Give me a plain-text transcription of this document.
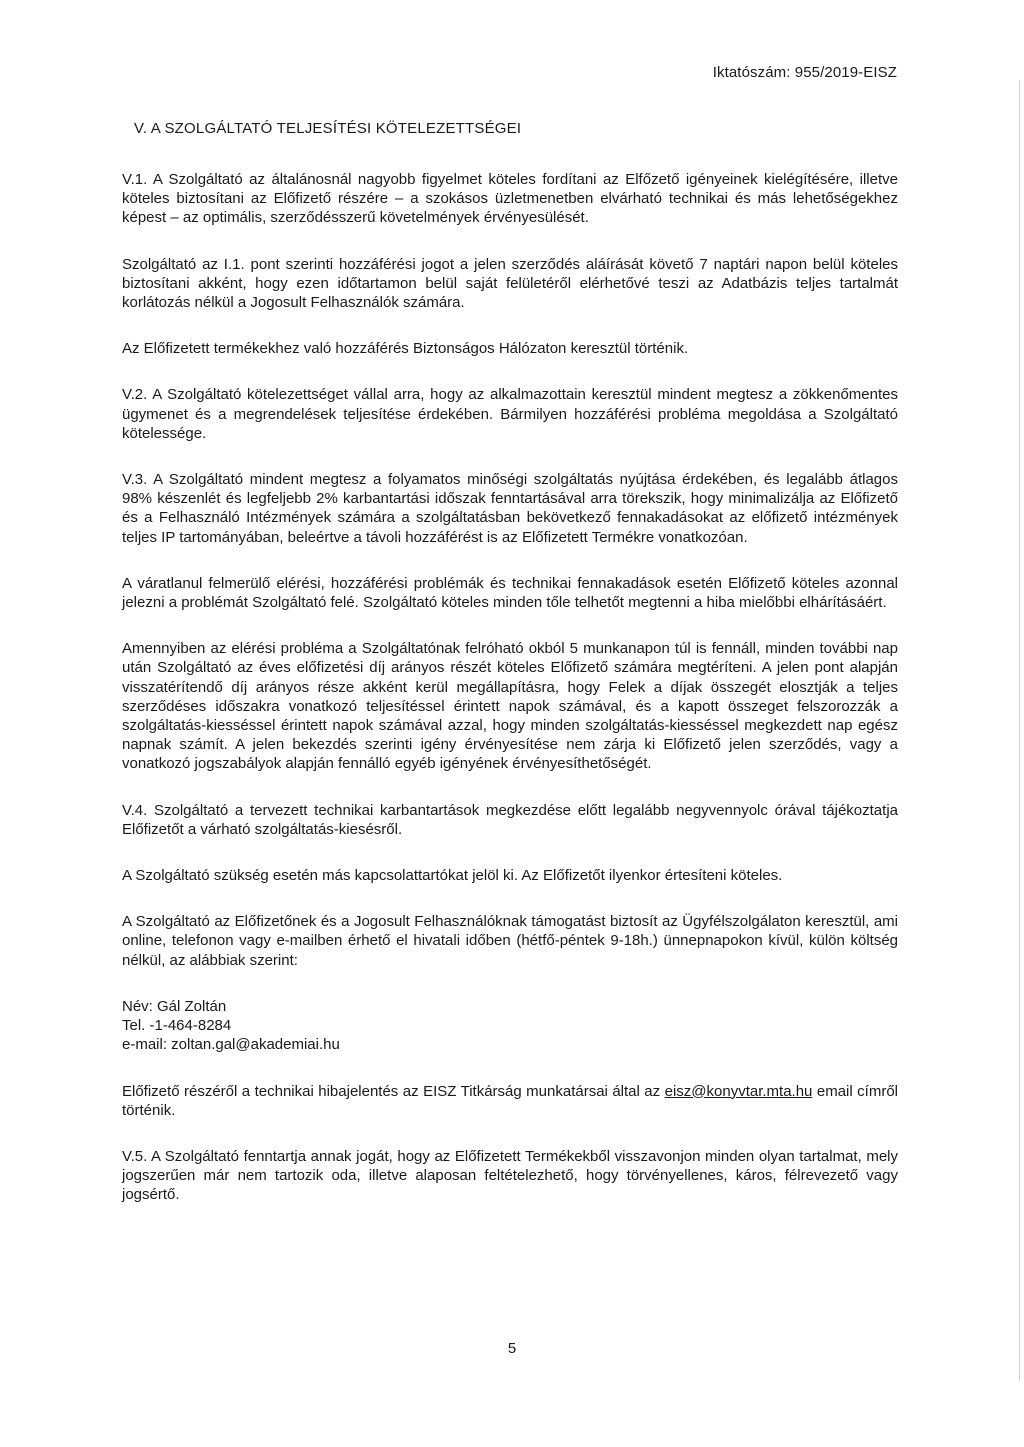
Iktatószám: 955/2019-EISZ
V. A SZOLGÁLTATÓ TELJESÍTÉSI KÖTELEZETTSÉGEI

V.1. A Szolgáltató az általánosnál nagyobb figyelmet köteles fordítani az Elfőzető igényeinek kielégítésére, illetve köteles biztosítani az Előfizető részére – a szokásos üzletmenetben elvárható technikai és más lehetőségekhez képest – az optimális, szerződésszerű követelmények érvényesülését.

Szolgáltató az I.1. pont szerinti hozzáférési jogot a jelen szerződés aláírását követő 7 naptári napon belül köteles biztosítani akként, hogy ezen időtartamon belül saját felületéről elérhetővé teszi az Adatbázis teljes tartalmát korlátozás nélkül a Jogosult Felhasználók számára.

Az Előfizetett termékekhez való hozzáférés Biztonságos Hálózaton keresztül történik.

V.2. A Szolgáltató kötelezettséget vállal arra, hogy az alkalmazottain keresztül mindent megtesz a zökkenőmentes ügymenet és a megrendelések teljesítése érdekében. Bármilyen hozzáférési probléma megoldása a Szolgáltató kötelessége.

V.3. A Szolgáltató mindent megtesz a folyamatos minőségi szolgáltatás nyújtása érdekében, és legalább átlagos 98% készenlét és legfeljebb 2% karbantartási időszak fenntartásával arra törekszik, hogy minimalizálja az Előfizető és a Felhasználó Intézmények számára a szolgáltatásban bekövetkező fennakadásokat az előfizető intézmények teljes IP tartományában, beleértve a távoli hozzáférést is az Előfizetett Termékre vonatkozóan.

A váratlanul felmerülő elérési, hozzáférési problémák és technikai fennakadások esetén Előfizető köteles azonnal jelezni a problémát Szolgáltató felé. Szolgáltató köteles minden tőle telhetőt megtenni a hiba mielőbbi elhárításáért.

Amennyiben az elérési probléma a Szolgáltatónak felróható okból 5 munkanapon túl is fennáll, minden további nap után Szolgáltató az éves előfizetési díj arányos részét köteles Előfizető számára megtéríteni. A jelen pont alapján visszatérítendő díj arányos része akként kerül megállapításra, hogy Felek a díjak összegét elosztják a teljes szerződéses időszakra vonatkozó teljesítéssel érintett napok számával, és a kapott összeget felszorozzák a szolgáltatás-kiesséssel érintett napok számával azzal, hogy minden szolgáltatás-kiesséssel megkezdett nap egész napnak számít. A jelen bekezdés szerinti igény érvényesítése nem zárja ki Előfizető jelen szerződés, vagy a vonatkozó jogszabályok alapján fennálló egyéb igényének érvényesíthetőségét.

V.4. Szolgáltató a tervezett technikai karbantartások megkezdése előtt legalább negyvennyolc órával tájékoztatja Előfizetőt a várható szolgáltatás-kiesésről.

A Szolgáltató szükség esetén más kapcsolattartókat jelöl ki. Az Előfizetőt ilyenkor értesíteni köteles.

A Szolgáltató az Előfizetőnek és a Jogosult Felhasználóknak támogatást biztosít az Ügyfélszolgálaton keresztül, ami online, telefonon vagy e-mailben érhető el hivatali időben (hétfő-péntek 9-18h.) ünnepnapokon kívül, külön költség nélkül, az alábbiak szerint:

Név: Gál Zoltán
Tel. -1-464-8284
e-mail: zoltan.gal@akademiai.hu

Előfizető részéről a technikai hibajelentés az EISZ Titkárság munkatársai által az eisz@konyvtar.mta.hu email címről történik.

V.5. A Szolgáltató fenntartja annak jogát, hogy az Előfizetett Termékekből visszavonjon minden olyan tartalmat, mely jogszerűen már nem tartozik oda, illetve alaposan feltételezhető, hogy törvényellenes, káros, félrevezető vagy jogsértő.

5
